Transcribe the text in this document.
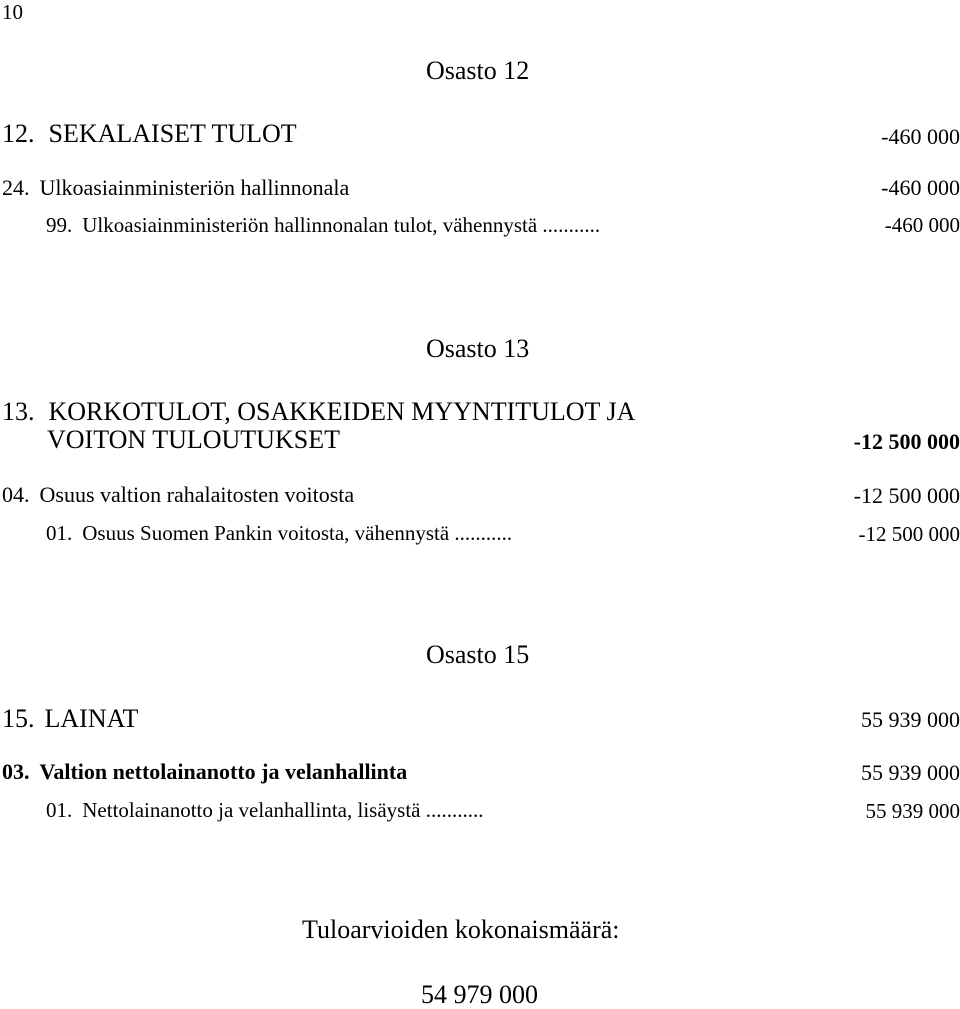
10
Osasto 12
12. SEKALAISET TULOT	-460 000
24. Ulkoasiainministeriön hallinnonala	-460 000
99. Ulkoasiainministeriön hallinnonalan tulot, vähennystä ...........	-460 000
Osasto 13
13. KORKOTULOT, OSAKKEIDEN MYYNTITULOT JA
VOITON TULOUTUKSET	-12 500 000
04. Osuus valtion rahalaitosten voitosta	-12 500 000
01. Osuus Suomen Pankin voitosta, vähennystä ...........	-12 500 000
Osasto 15
15. LAINAT	55 939 000
03. Valtion nettolainanotto ja velanhallinta	55 939 000
01. Nettolainanotto ja velanhallinta, lisäystä ...........	55 939 000
Tuloarvioiden kokonaismäärä:
54 979 000
